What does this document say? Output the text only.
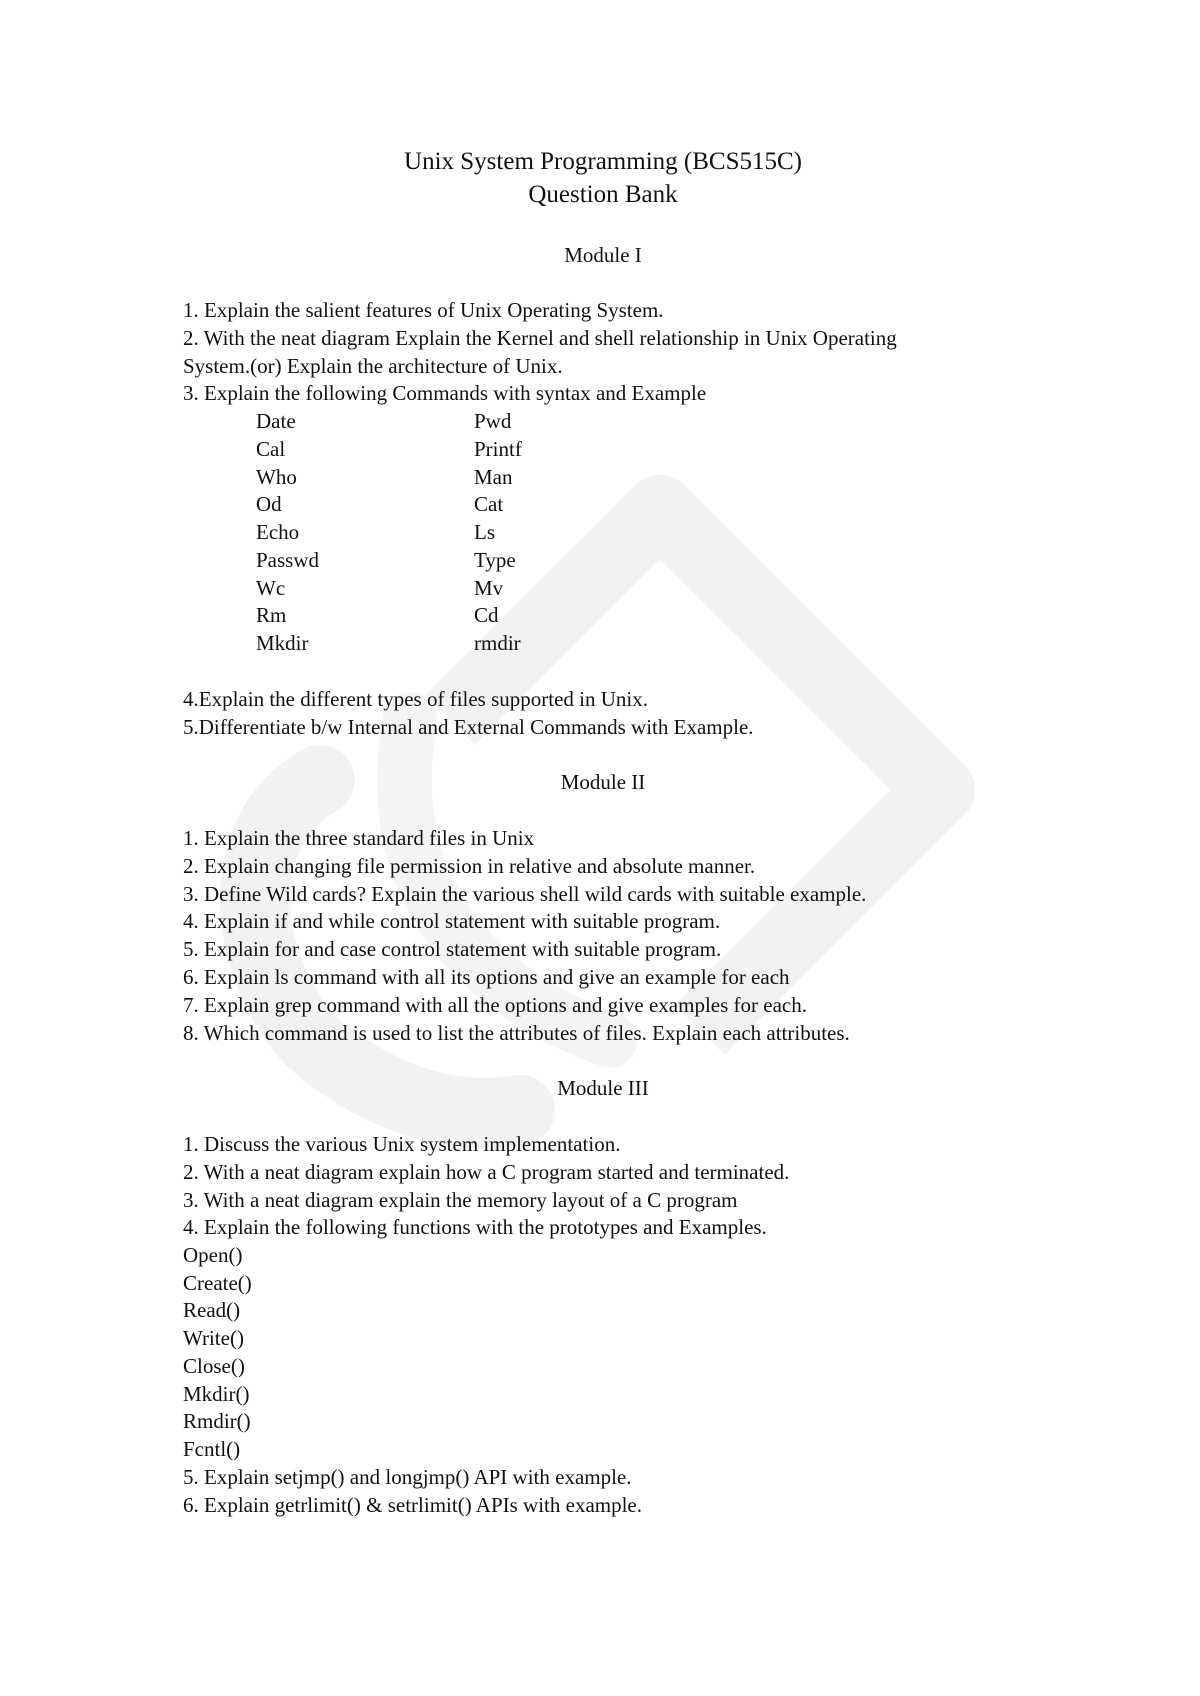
Unix System Programming (BCS515C)
Question Bank
Module I
1. Explain the salient features of Unix Operating System.
2. With the neat diagram Explain the Kernel and shell relationship in Unix Operating
System.(or) Explain the architecture of Unix.
3. Explain the following Commands with syntax and Example
Date
Cal
Who
Od
Echo
Passwd
Wc
Rm
Mkdir
Pwd
Printf
Man
Cat
Ls
Type
Mv
Cd
rmdir
4.Explain the different types of files supported in Unix.
5.Differentiate b/w Internal and External Commands with Example.
Module II
1. Explain the three standard files in Unix
2. Explain changing file permission in relative and absolute manner.
3. Define Wild cards? Explain the various shell wild cards with suitable example.
4. Explain if and while control statement with suitable program.
5. Explain for and case control statement with suitable program.
6. Explain ls command with all its options and give an example for each
7. Explain grep command with all the options and give examples for each.
8. Which command is used to list the attributes of files. Explain each attributes.
Module III
1. Discuss the various Unix system implementation.
2. With a neat diagram explain how a C program started and terminated.
3. With a neat diagram explain the memory layout of a C program
4. Explain the following functions with the prototypes and Examples.
Open()
Create()
Read()
Write()
Close()
Mkdir()
Rmdir()
Fcntl()
5. Explain setjmp() and longjmp() API with example.
6. Explain getrlimit() & setrlimit() APIs with example.
